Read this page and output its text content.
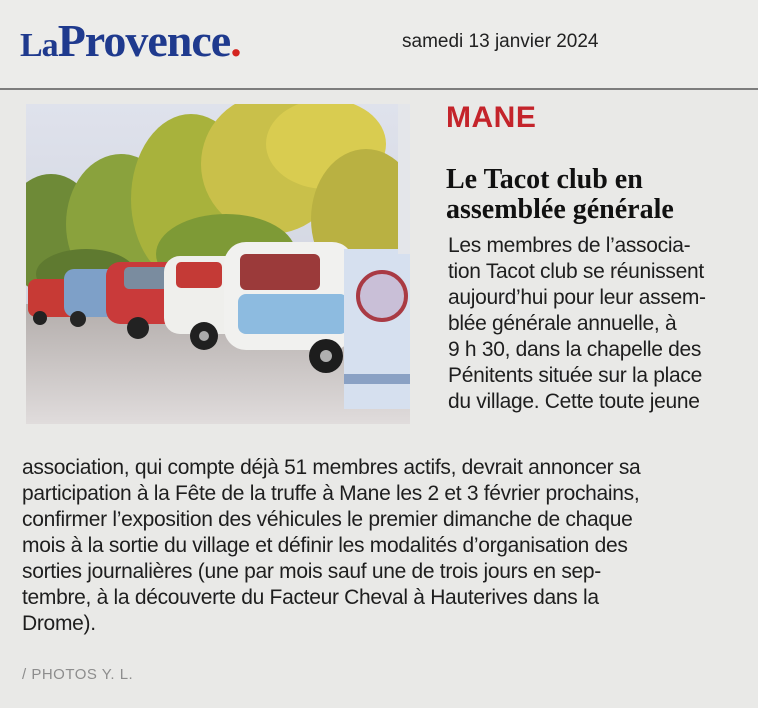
LaProvence.	samedi 13 janvier 2024
MANE
Le Tacot club en
assemblée générale
Les membres de l’associa-
tion Tacot club se réunissent
aujourd’hui pour leur assem-
blée générale annuelle, à
9 h 30, dans la chapelle des
Pénitents située sur la place
du village. Cette toute jeune
association, qui compte déjà 51 membres actifs, devrait annoncer sa
participation à la Fête de la truffe à Mane les 2 et 3 février prochains,
confirmer l’exposition des véhicules le premier dimanche de chaque
mois à la sortie du village et définir les modalités d’organisation des
sorties journalières (une par mois sauf une de trois jours en sep-
tembre, à la découverte du Facteur Cheval à Hauterives dans la
Drome).
/ PHOTOS Y. L.
